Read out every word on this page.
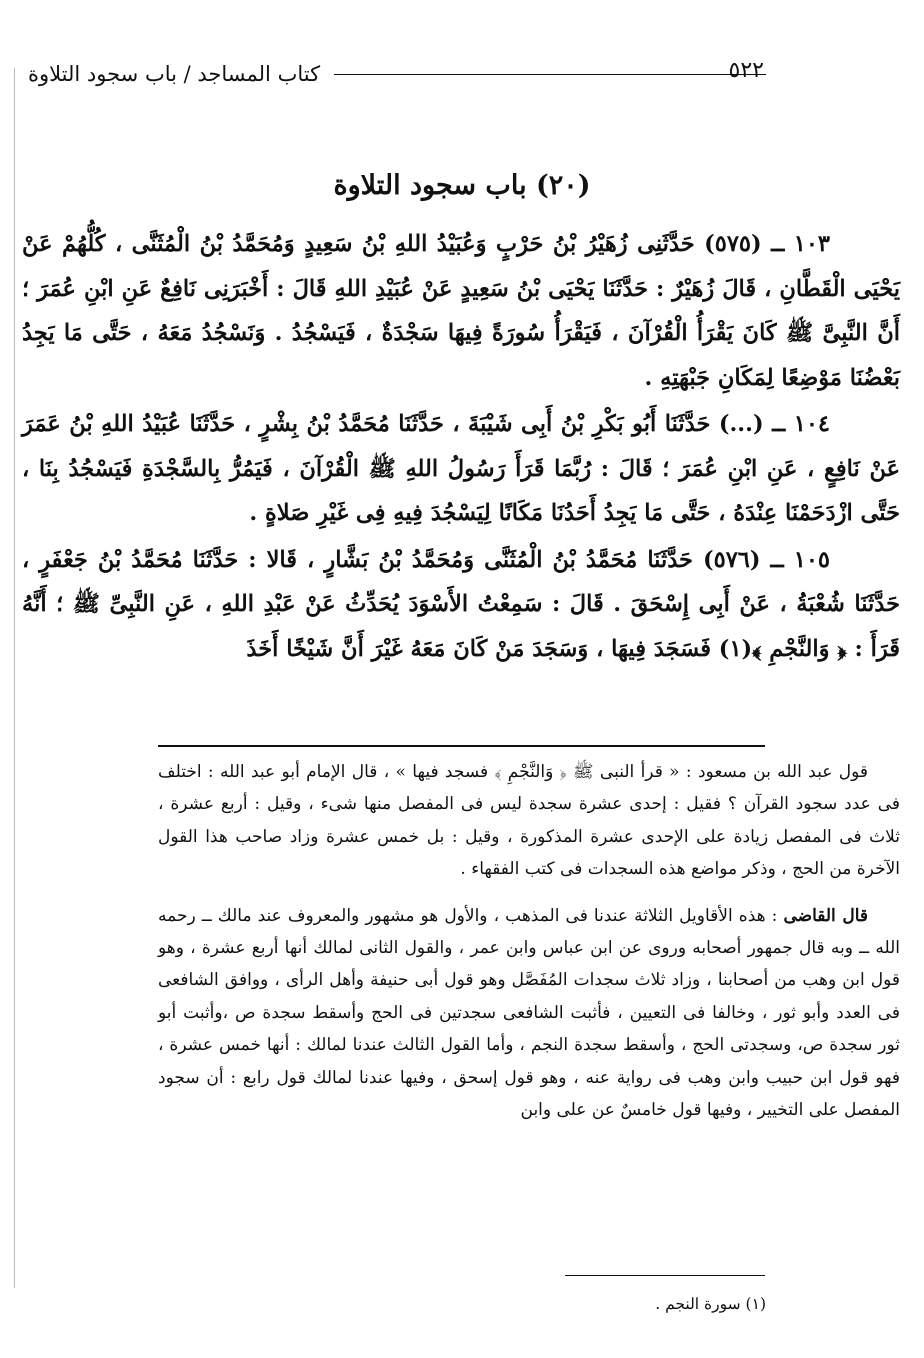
٥٢٢
كتاب المساجد / باب سجود التلاوة
(٢٠) باب سجود التلاوة

١٠٣ ــ (٥٧٥) حَدَّثَنِى زُهَيْرُ بْنُ حَرْبٍ وَعُبَيْدُ اللهِ بْنُ سَعِيدٍ وَمُحَمَّدُ بْنُ الْمُثَنَّى ، كُلُّهُمْ عَنْ يَحْيَى الْقَطَّانِ ، قَالَ زُهَيْرٌ : حَدَّثَنَا يَحْيَى بْنُ سَعِيدٍ عَنْ عُبَيْدِ اللهِ قَالَ : أَخْبَرَنِى نَافِعٌ عَنِ ابْنِ عُمَرَ ؛ أَنَّ النَّبِىَّ ﷺ كَانَ يَقْرَأُ الْقُرْآنَ ، فَيَقْرَأُ سُورَةً فِيهَا سَجْدَةٌ ، فَيَسْجُدُ . وَنَسْجُدُ مَعَهُ ، حَتَّى مَا يَجِدُ بَعْضُنَا مَوْضِعًا لِمَكَانِ جَبْهَتِهِ .

١٠٤ ــ (...) حَدَّثَنَا أَبُو بَكْرِ بْنُ أَبِى شَيْبَةَ ، حَدَّثَنَا مُحَمَّدُ بْنُ بِشْرٍ ، حَدَّثَنَا عُبَيْدُ اللهِ بْنُ عَمَرَ عَنْ نَافِعٍ ، عَنِ ابْنِ عُمَرَ ؛ قَالَ : رُبَّمَا قَرَأَ رَسُولُ اللهِ ﷺ الْقُرْآنَ ، فَيَمُرُّ بِالسَّجْدَةِ فَيَسْجُدُ بِنَا ، حَتَّى ازْدَحَمْنَا عِنْدَهُ ، حَتَّى مَا يَجِدُ أَحَدُنَا مَكَانًا لِيَسْجُدَ فِيهِ فِى غَيْرِ صَلاةٍ .

١٠٥ ــ (٥٧٦) حَدَّثَنَا مُحَمَّدُ بْنُ الْمُثَنَّى وَمُحَمَّدُ بْنُ بَشَّارٍ ، قَالا : حَدَّثَنَا مُحَمَّدُ بْنُ جَعْفَرٍ ، حَدَّثَنَا شُعْبَةُ ، عَنْ أَبِى إِسْحَقَ . قَالَ : سَمِعْتُ الأَسْوَدَ يُحَدِّثُ عَنْ عَبْدِ اللهِ ، عَنِ النَّبِىِّ ﷺ ؛ أَنَّهُ قَرَأَ : ﴿ وَالنَّجْمِ ﴾(١) فَسَجَدَ فِيهَا ، وَسَجَدَ مَنْ كَانَ مَعَهُ غَيْرَ أَنَّ شَيْخًا أَخَذَ

قول عبد الله بن مسعود : « قرأ النبى ﷺ ﴿ وَالنَّجْمِ ﴾ فسجد فيها » ، قال الإمام أبو عبد الله : اختلف فى عدد سجود القرآن ؟ فقيل : إحدى عشرة سجدة ليس فى المفصل منها شىء ، وقيل : أربع عشرة ، ثلاث فى المفصل زيادة على الإحدى عشرة المذكورة ، وقيل : بل خمس عشرة وزاد صاحب هذا القول الآخرة من الحج ، وذكر مواضع هذه السجدات فى كتب الفقهاء .

قال القاضى : هذه الأقاويل الثلاثة عندنا فى المذهب ، والأول هو مشهور والمعروف عند مالك ــ رحمه الله ــ وبه قال جمهور أصحابه وروى عن ابن عباس وابن عمر ، والقول الثانى لمالك أنها أربع عشرة ، وهو قول ابن وهب من أصحابنا ، وزاد ثلاث سجدات المُفَصَّل وهو قول أبى حنيفة وأهل الرأى ، ووافق الشافعى فى العدد وأبو ثور ، وخالفا فى التعيين ، فأثبت الشافعى سجدتين فى الحج وأسقط سجدة ص ،وأثبت أبو ثور سجدة ص، وسجدتى الحج ، وأسقط سجدة النجم ، وأما القول الثالث عندنا لمالك : أنها خمس عشرة ، فهو قول ابن حبيب وابن وهب فى رواية عنه ، وهو قول إسحق ، وفيها عندنا لمالك قول رابع : أن سجود المفصل على التخيير ، وفيها قول خامسٌ عن على وابن

(١) سورة النجم .
